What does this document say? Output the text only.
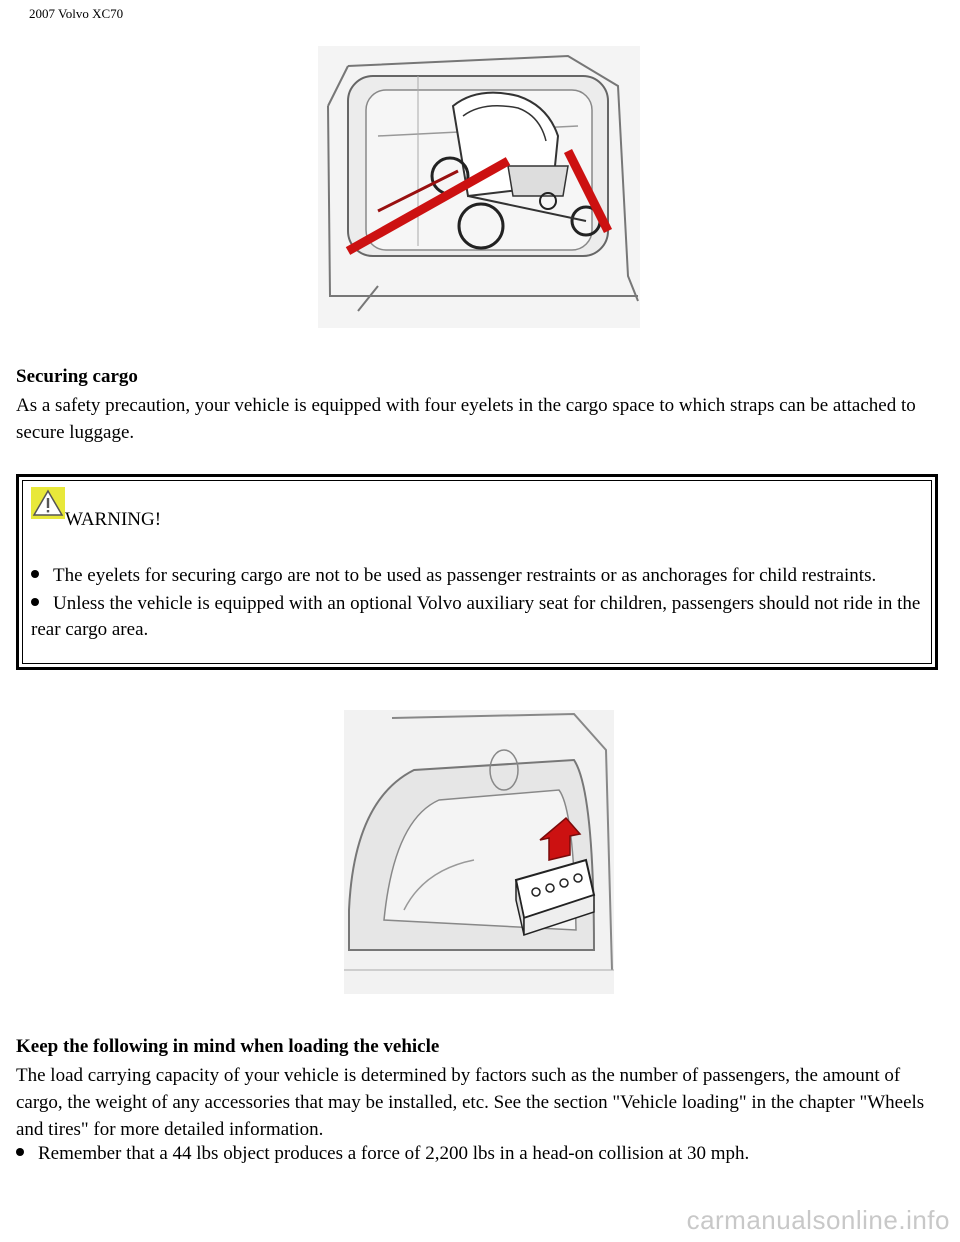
2007 Volvo XC70
Securing cargo
As a safety precaution, your vehicle is equipped with four eyelets in the cargo space to which straps can be attached to secure luggage.
WARNING!
The eyelets for securing cargo are not to be used as passenger restraints or as anchorages for child restraints.
Unless the vehicle is equipped with an optional Volvo auxiliary seat for children, passengers should not ride in the rear cargo area.
Keep the following in mind when loading the vehicle
The load carrying capacity of your vehicle is determined by factors such as the number of passengers, the amount of cargo, the weight of any accessories that may be installed, etc. See the section "Vehicle loading" in the chapter "Wheels and tires" for more detailed information.
Remember that a 44 lbs object produces a force of 2,200 lbs in a head-on collision at 30 mph.
carmanualsonline.info
